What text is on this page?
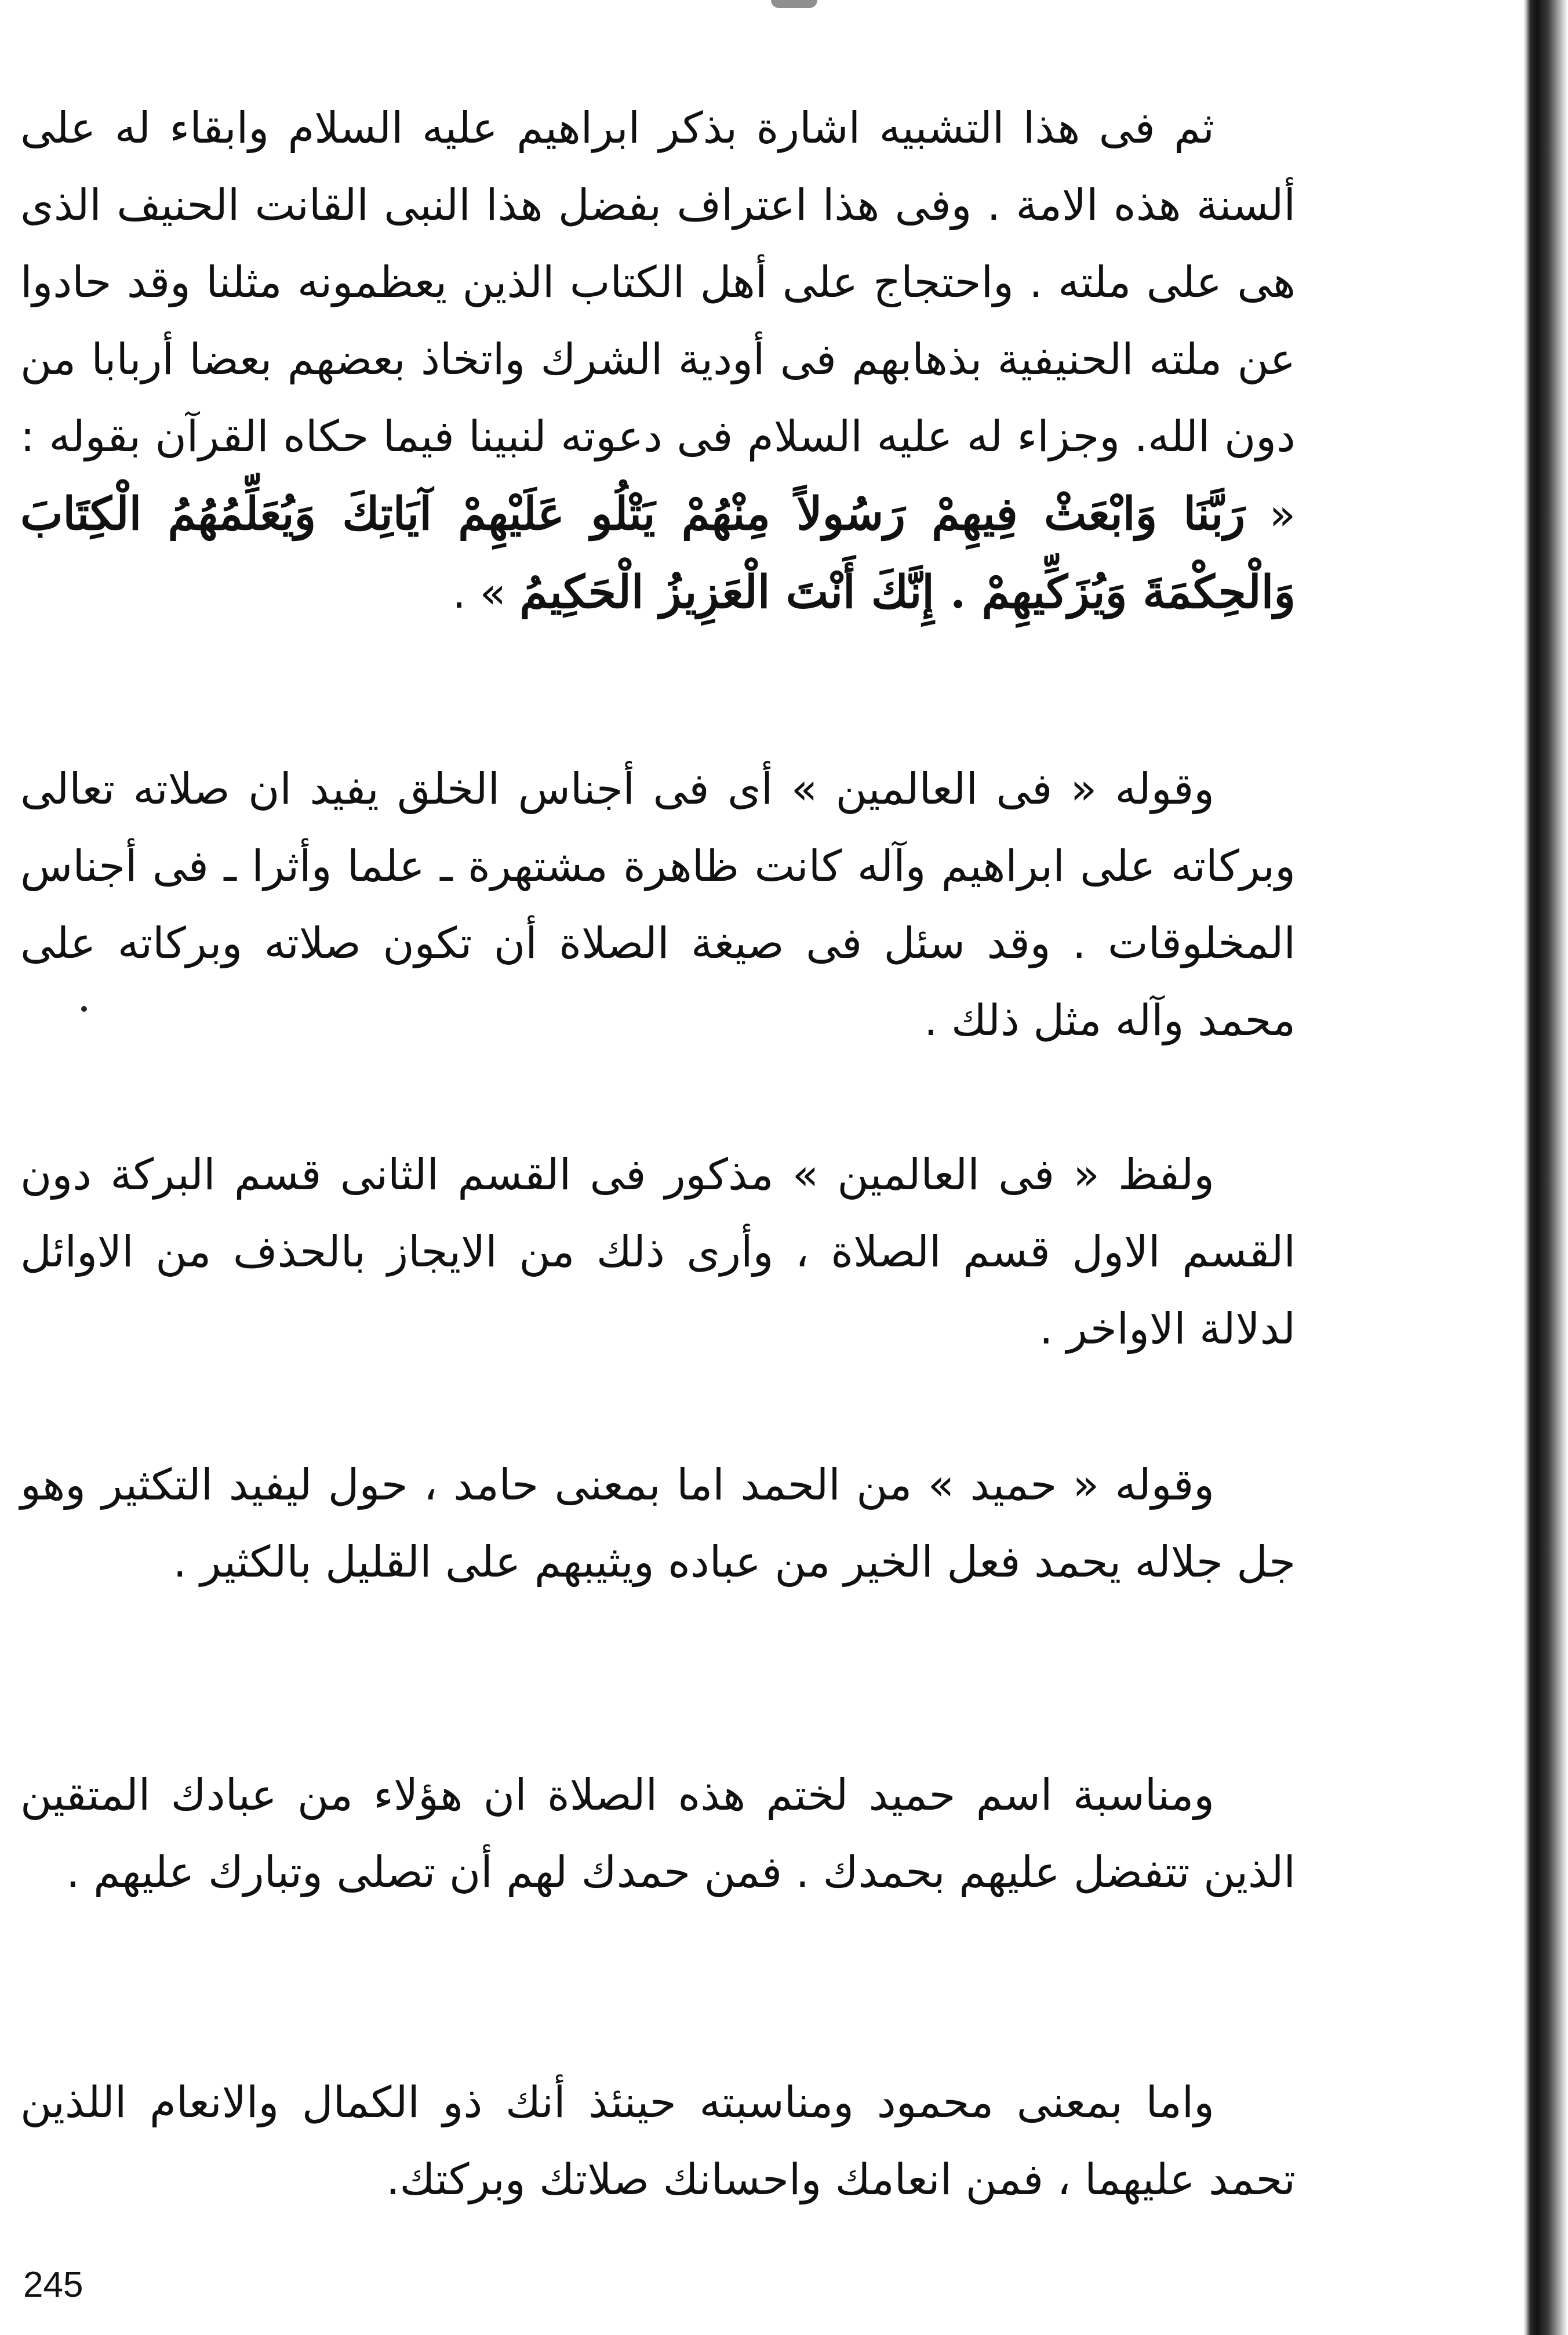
ثم فى هذا التشبيه اشارة بذكر ابراهيم عليه السلام وابقاء له على ألسنة هذه الامة . وفى هذا اعتراف بفضل هذا النبى القانت الحنيف الذى هى على ملته . واحتجاج على أهل الكتاب الذين يعظمونه مثلنا وقد حادوا عن ملته الحنيفية بذهابهم فى أودية الشرك واتخاذ بعضهم بعضا أربابا من دون الله. وجزاء له عليه السلام فى دعوته لنبينا فيما حكاه القرآن بقوله : « رَبَّنَا وَابْعَثْ فِيهِمْ رَسُولاً مِنْهُمْ يَتْلُو عَلَيْهِمْ آيَاتِكَ وَيُعَلِّمُهُمُ الْكِتَابَ وَالْحِكْمَةَ وَيُزَكِّيهِمْ . إِنَّكَ أَنْتَ الْعَزِيزُ الْحَكِيمُ » .

وقوله « فى العالمين » أى فى أجناس الخلق يفيد ان صلاته تعالى وبركاته على ابراهيم وآله كانت ظاهرة مشتهرة ـ علما وأثرا ـ فى أجناس المخلوقات . وقد سئل فى صيغة الصلاة أن تكون صلاته وبركاته على محمد وآله مثل ذلك .

ولفظ « فى العالمين » مذكور فى القسم الثانى قسم البركة دون القسم الاول قسم الصلاة ، وأرى ذلك من الايجاز بالحذف من الاوائل لدلالة الاواخر .

وقوله « حميد » من الحمد اما بمعنى حامد ، حول ليفيد التكثير وهو جل جلاله يحمد فعل الخير من عباده ويثيبهم على القليل بالكثير .

ومناسبة اسم حميد لختم هذه الصلاة ان هؤلاء من عبادك المتقين الذين تتفضل عليهم بحمدك . فمن حمدك لهم أن تصلى وتبارك عليهم .

واما بمعنى محمود ومناسبته حينئذ أنك ذو الكمال والانعام اللذين تحمد عليهما ، فمن انعامك واحسانك صلاتك وبركتك.

245
